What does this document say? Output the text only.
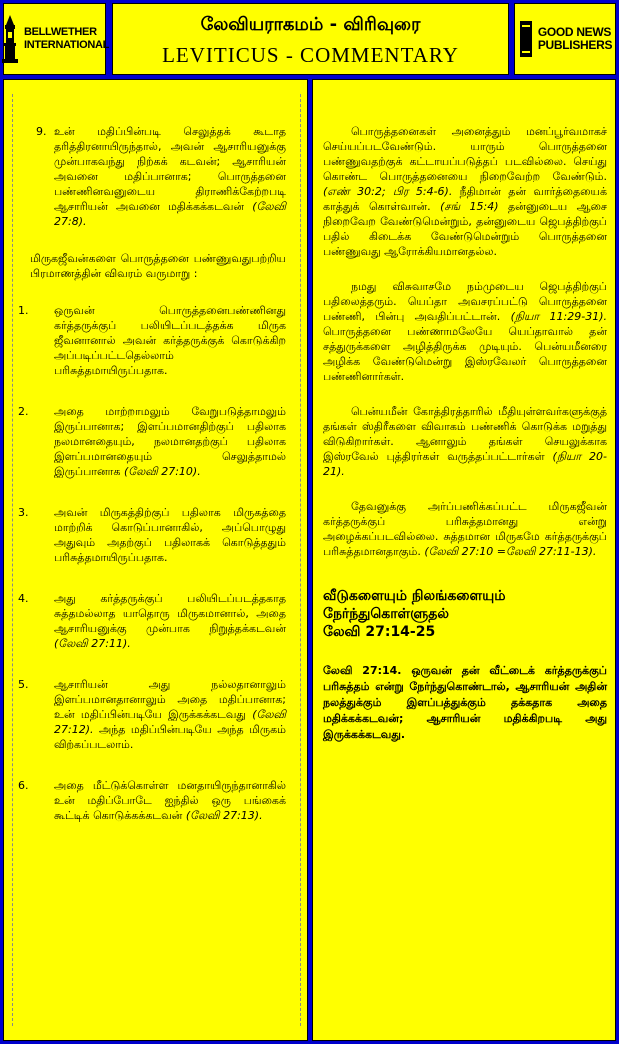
BELLWETHER
INTERNATIONAL
லேவியராகமம் - விரிவுரை
LEVITICUS - COMMENTARY
GOOD NEWS
PUBLISHERS
9. உன் மதிப்பின்படி செலுத்தக் கூடாத தரித்திரனாயிருந்தால், அவன் ஆசாரியனுக்கு முன்பாகவந்து நிற்கக் கடவன்; ஆசாரியன் அவனை மதிப்பானாக; பொருத்தனை பண்ணினவனுடைய திராணிக்கேற்றபடி ஆசாரியன் அவனை மதிக்கக்கடவன் (லேவி 27:8).

மிருகஜீவன்களை பொருத்தனை பண்ணுவதுபற்றிய பிரமாணத்தின் விவரம் வருமாறு :

1. ஒருவன் பொருத்தனைபண்ணினது கர்த்தருக்குப் பலியிடப்படத்தக்க மிருக ஜீவனானால் அவன் கர்த்தருக்குக் கொடுக்கிற அப்படிப்பட்டதெல்லாம் பரிசுத்தமாயிருப்பதாக.
2. அதை மாற்றாமலும் வேறுபடுத்தாமலும் இருப்பானாக; இளப்பமானதிற்குப் பதிலாக நலமானதையும், நலமானதற்குப் பதிலாக இளப்பமானதையும் செலுத்தாமல் இருப்பானாக (லேவி 27:10).
3. அவன் மிருகத்திற்குப் பதிலாக மிருகத்தை மாற்றிக் கொடுப்பானாகில், அப்பொழுது அதுவும் அதற்குப் பதிலாகக் கொடுத்ததும் பரிசுத்தமாயிருப்பதாக.
4. அது கர்த்தருக்குப் பலியிடப்படத்தகாத சுத்தமல்லாத யாதொரு மிருகமானால், அதை ஆசாரியனுக்கு முன்பாக நிறுத்தக்கடவன் (லேவி 27:11).
5. ஆசாரியன் அது நல்லதானாலும் இளப்பமானதானாலும் அதை மதிப்பானாக; உன் மதிப்பின்படியே இருக்கக்கடவது (லேவி 27:12). அந்த மதிப்பின்படியே அந்த மிருகம் விற்கப்படலாம்.
6. அதை மீட்டுக்கொள்ள மனதாயிருந்தானாகில் உன் மதிப்போடே ஐந்தில் ஒரு பங்கைக் கூட்டிக் கொடுக்கக்கடவன் (லேவி 27:13).

பொருத்தனைகள் அனைத்தும் மனப்பூர்வமாகச் செய்யப்படவேண்டும். யாரும் பொருத்தனை பண்ணுவதற்குக் கட்டாயப்படுத்தப் படவில்லை. செய்து கொண்ட பொருத்தனையை நிறைவேற்ற வேண்டும். (எண் 30:2; பிர 5:4-6). நீதிமான் தன் வார்த்தையைக் காத்துக் கொள்வான். (சங் 15:4) தன்னுடைய ஆசை நிறைவேற வேண்டுமென்றும், தன்னுடைய ஜெபத்திற்குப் பதில் கிடைக்க வேண்டுமென்றும் பொருத்தனை பண்ணுவது ஆரோக்கியமானதல்ல.

நமது விசுவாசமே நம்முடைய ஜெபத்திற்குப் பதிலைத்தரும். யெப்தா அவசரப்பட்டு பொருத்தனை பண்ணி, பின்பு அவதிப்பட்டான். (நியா 11:29-31). பொருத்தனை பண்ணாமலேயே யெப்தாவால் தன் சத்துருக்களை அழித்திருக்க முடியும். பென்யமீனரை அழிக்க வேண்டுமென்று இஸ்ரவேலர் பொருத்தனை பண்ணினார்கள்.

பென்யமீன் கோத்திரத்தாரில் மீதியுள்ளவர்களுக்குத் தங்கள் ஸ்திரீகளை விவாகம் பண்ணிக் கொடுக்க மறுத்து விடுகிறார்கள். ஆனாலும் தங்கள் செயலுக்காக இஸ்ரவேல் புத்திரர்கள் வருத்தப்பட்டார்கள் (நியா 20-21).

தேவனுக்கு அர்ப்பணிக்கப்பட்ட மிருகஜீவன் கர்த்தருக்குப் பரிசுத்தமானது என்று அழைக்கப்படவில்லை. சுத்தமான மிருகமே கர்த்தருக்குப் பரிசுத்தமானதாகும். (லேவி 27:10 =லேவி 27:11-13).

வீடுகளையும் நிலங்களையும்
நேர்ந்துகொள்ளுதல்
லேவி 27:14-25

லேவி 27:14. ஒருவன் தன் வீட்டைக் கர்த்தருக்குப் பரிசுத்தம் என்று நேர்ந்துகொண்டால், ஆசாரியன் அதின் நலத்துக்கும் இளப்பத்துக்கும் தக்கதாக அதை மதிக்கக்கடவன்; ஆசாரியன் மதிக்கிறபடி அது இருக்கக்கடவது.
